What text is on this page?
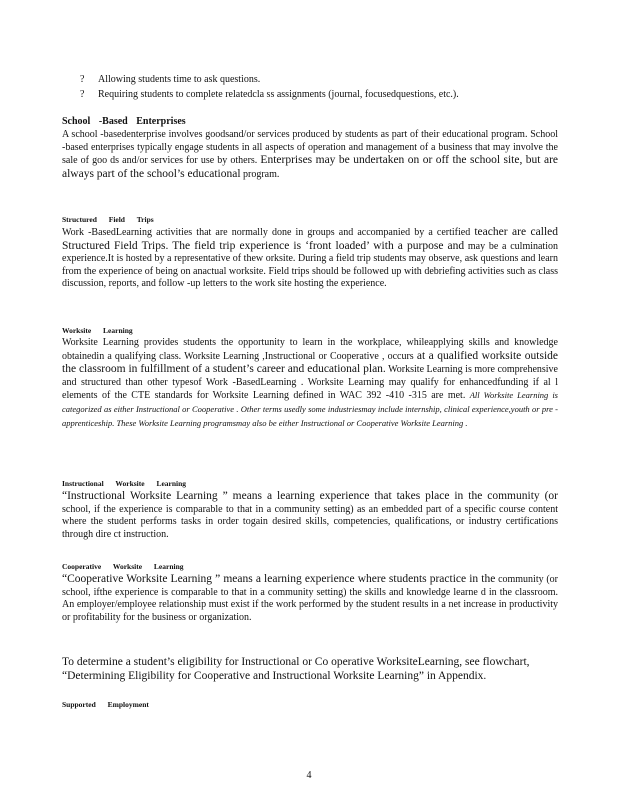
?	Allowing students time to ask questions.
?	Requiring students to complete relatedcla ss assignments (journal, focusedquestions, etc.).
School -Based Enterprises

A school -basedenterprise involves goodsand/or services produced by students as part of their educational program. School -based enterprises typically engage students in all aspects of operation and management of a business that may involve the sale of goo ds and/or services for use by others. Enterprises may be undertaken on or off the school site, but are always part of the school’s educational program.

Structured Field Trips

Work -BasedLearning activities that are normally done in groups and accompanied by a certified teacher are called Structured Field Trips. The field trip experience is ‘front loaded’ with a purpose and may be a culmination experience.It is hosted by a representative of thew orksite. During a field trip students may observe, ask questions and learn from the experience of being on anactual worksite. Field trips should be followed up with debriefing activities such as class discussion, reports, and follow -up letters to the work site hosting the experience.

Worksite Learning

Worksite Learning provides students the opportunity to learn in the workplace, whileapplying skills and knowledge obtainedin a qualifying class. Worksite Learning ,Instructional or Cooperative , occurs at a qualified worksite outside the classroom in fulfillment of a student’s career and educational plan. Worksite Learning is more comprehensive and structured than other typesof Work -BasedLearning . Worksite Learning may qualify for enhancedfunding if al l elements of the CTE standards for Worksite Learning defined in WAC 392 -410 -315 are met. All Worksite Learning is categorized as either Instructional or Cooperative . Other terms usedly some industriesmay include internship, clinical experience,youth or pre -apprenticeship. These Worksite Learning programsmay also be either Instructional or Cooperative Worksite Learning .

Instructional Worksite Learning

“Instructional Worksite Learning ” means a learning experience that takes place in the community (or school, if the experience is comparable to that in a community setting) as an embedded part of a specific course content where the student performs tasks in order togain desired skills, competencies, qualifications, or industry certifications through dire ct instruction.

Cooperative Worksite Learning

“Cooperative Worksite Learning ” means a learning experience where students practice in the community (or school, ifthe experience is comparable to that in a community setting) the skills and knowledge learne d in the classroom. An employer/employee relationship must exist if the work performed by the student results in a net increase in productivity or profitability for the business or organization.

To determine a student’s eligibility for Instructional or Co operative WorksiteLearning, see flowchart,

“Determining Eligibility for Cooperative and Instructional Worksite Learning” in Appendix.

Supported Employment
4
